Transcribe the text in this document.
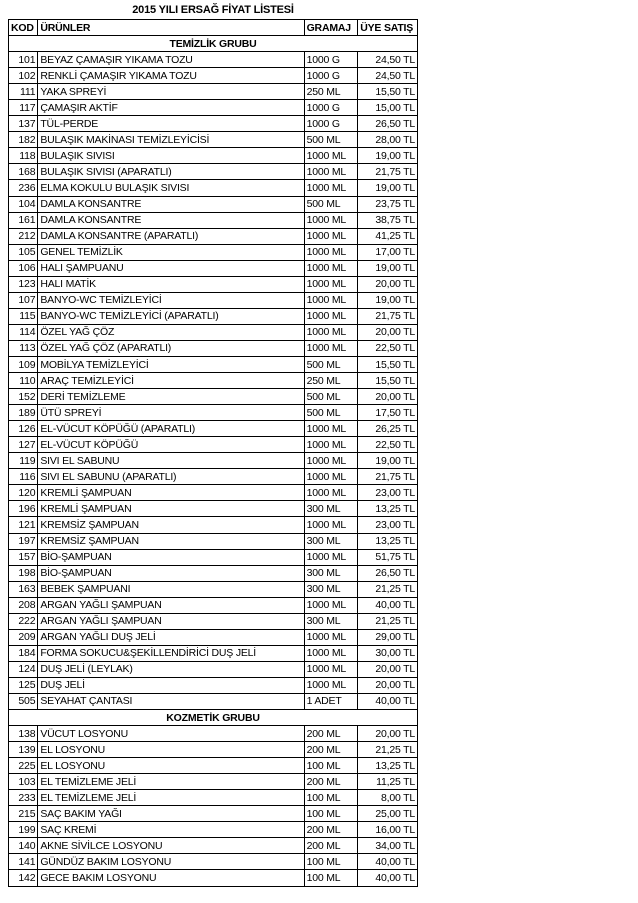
2015 YILI ERSAĞ FİYAT LİSTESİ
KOD	ÜRÜNLER	GRAMAJ	ÜYE SATIŞ
TEMİZLİK GRUBU			
101	BEYAZ ÇAMAŞIR YIKAMA TOZU	1000 G	24,50 TL
102	RENKLİ ÇAMAŞIR YIKAMA TOZU	1000 G	24,50 TL
111	YAKA SPREYİ	250 ML	15,50 TL
117	ÇAMAŞIR AKTİF	1000 G	15,00 TL
137	TÜL-PERDE	1000 G	26,50 TL
182	BULAŞIK MAKİNASI TEMİZLEYİCİSİ	500 ML	28,00 TL
118	BULAŞIK SIVISI	1000 ML	19,00 TL
168	BULAŞIK SIVISI (APARATLI)	1000 ML	21,75 TL
236	ELMA KOKULU BULAŞIK SIVISI	1000 ML	19,00 TL
104	DAMLA KONSANTRE	500 ML	23,75 TL
161	DAMLA KONSANTRE	1000 ML	38,75 TL
212	DAMLA KONSANTRE (APARATLI)	1000 ML	41,25 TL
105	GENEL TEMİZLİK	1000 ML	17,00 TL
106	HALI ŞAMPUANU	1000 ML	19,00 TL
123	HALI MATİK	1000 ML	20,00 TL
107	BANYO-WC TEMİZLEYİCİ	1000 ML	19,00 TL
115	BANYO-WC TEMİZLEYİCİ (APARATLI)	1000 ML	21,75 TL
114	ÖZEL YAĞ ÇÖZ	1000 ML	20,00 TL
113	ÖZEL YAĞ ÇÖZ (APARATLI)	1000 ML	22,50 TL
109	MOBİLYA TEMİZLEYİCİ	500 ML	15,50 TL
110	ARAÇ TEMİZLEYİCİ	250 ML	15,50 TL
152	DERİ TEMİZLEME	500 ML	20,00 TL
189	ÜTÜ SPREYİ	500 ML	17,50 TL
126	EL-VÜCUT KÖPÜĞÜ (APARATLI)	1000 ML	26,25 TL
127	EL-VÜCUT KÖPÜĞÜ	1000 ML	22,50 TL
119	SIVI EL SABUNU	1000 ML	19,00 TL
116	SIVI EL SABUNU (APARATLI)	1000 ML	21,75 TL
120	KREMLİ ŞAMPUAN	1000 ML	23,00 TL
196	KREMLİ ŞAMPUAN	300 ML	13,25 TL
121	KREMSİZ ŞAMPUAN	1000 ML	23,00 TL
197	KREMSİZ ŞAMPUAN	300 ML	13,25 TL
157	BİO-ŞAMPUAN	1000 ML	51,75 TL
198	BİO-ŞAMPUAN	300 ML	26,50 TL
163	BEBEK ŞAMPUANI	300 ML	21,25 TL
208	ARGAN YAĞLI ŞAMPUAN	1000 ML	40,00 TL
222	ARGAN YAĞLI ŞAMPUAN	300 ML	21,25 TL
209	ARGAN YAĞLI DUŞ JELİ	1000 ML	29,00 TL
184	FORMA SOKUCU&ŞEKİLLENDİRİCİ DUŞ JELİ	1000 ML	30,00 TL
124	DUŞ JELİ (LEYLAK)	1000 ML	20,00 TL
125	DUŞ JELİ	1000 ML	20,00 TL
505	SEYAHAT ÇANTASI	1 ADET	40,00 TL
KOZMETİK GRUBU			
138	VÜCUT LOSYONU	200 ML	20,00 TL
139	EL LOSYONU	200 ML	21,25 TL
225	EL LOSYONU	100 ML	13,25 TL
103	EL TEMİZLEME JELİ	200 ML	11,25 TL
233	EL TEMİZLEME JELİ	100 ML	8,00 TL
215	SAÇ BAKIM YAĞI	100 ML	25,00 TL
199	SAÇ KREMİ	200 ML	16,00 TL
140	AKNE SİVİLCE LOSYONU	200 ML	34,00 TL
141	GÜNDÜZ BAKIM LOSYONU	100 ML	40,00 TL
142	GECE BAKIM LOSYONU	100 ML	40,00 TL
